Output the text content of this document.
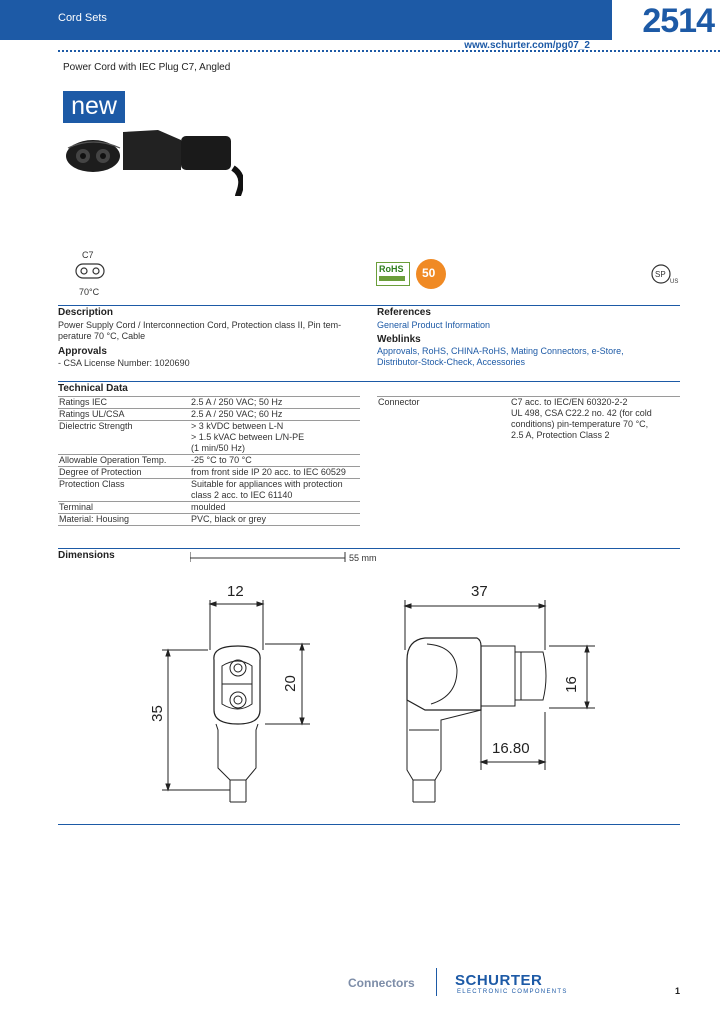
Cord Sets	2514
www.schurter.com/pg07_2
Power Cord with IEC Plug C7, Angled
new
C7
70°C
RoHS 50	SP
US
Description
Power Supply Cord / Interconnection Cord, Protection class II, Pin tem-
perature 70 °C, Cable
Approvals
- CSA License Number: 1020690
References
General Product Information
Weblinks
Approvals, RoHS, CHINA-RoHS, Mating Connectors, e-Store,
Distributor-Stock-Check, Accessories
Technical Data
Ratings IEC	2.5 A / 250 VAC; 50 Hz
Ratings UL/CSA	2.5 A / 250 VAC; 60 Hz
Dielectric Strength	> 3 kVDC between L-N
> 1.5 kVAC between L/N-PE
(1 min/50 Hz)
Allowable Operation Temp.	-25 °C to 70 °C
Degree of Protection	from front side IP 20 acc. to IEC 60529
Protection Class	Suitable for appliances with protection
class 2 acc. to IEC 61140
Terminal	moulded
Material: Housing	PVC, black or grey
Connector	C7 acc. to IEC/EN 60320-2-2
UL 498, CSA C22.2 no. 42 (for cold
conditions) pin-temperature 70 °C,
2.5 A, Protection Class 2
Dimensions	55 mm
12
35
20
37
16
16.80
Connectors	SCHURTER
ELECTRONIC COMPONENTS	1
